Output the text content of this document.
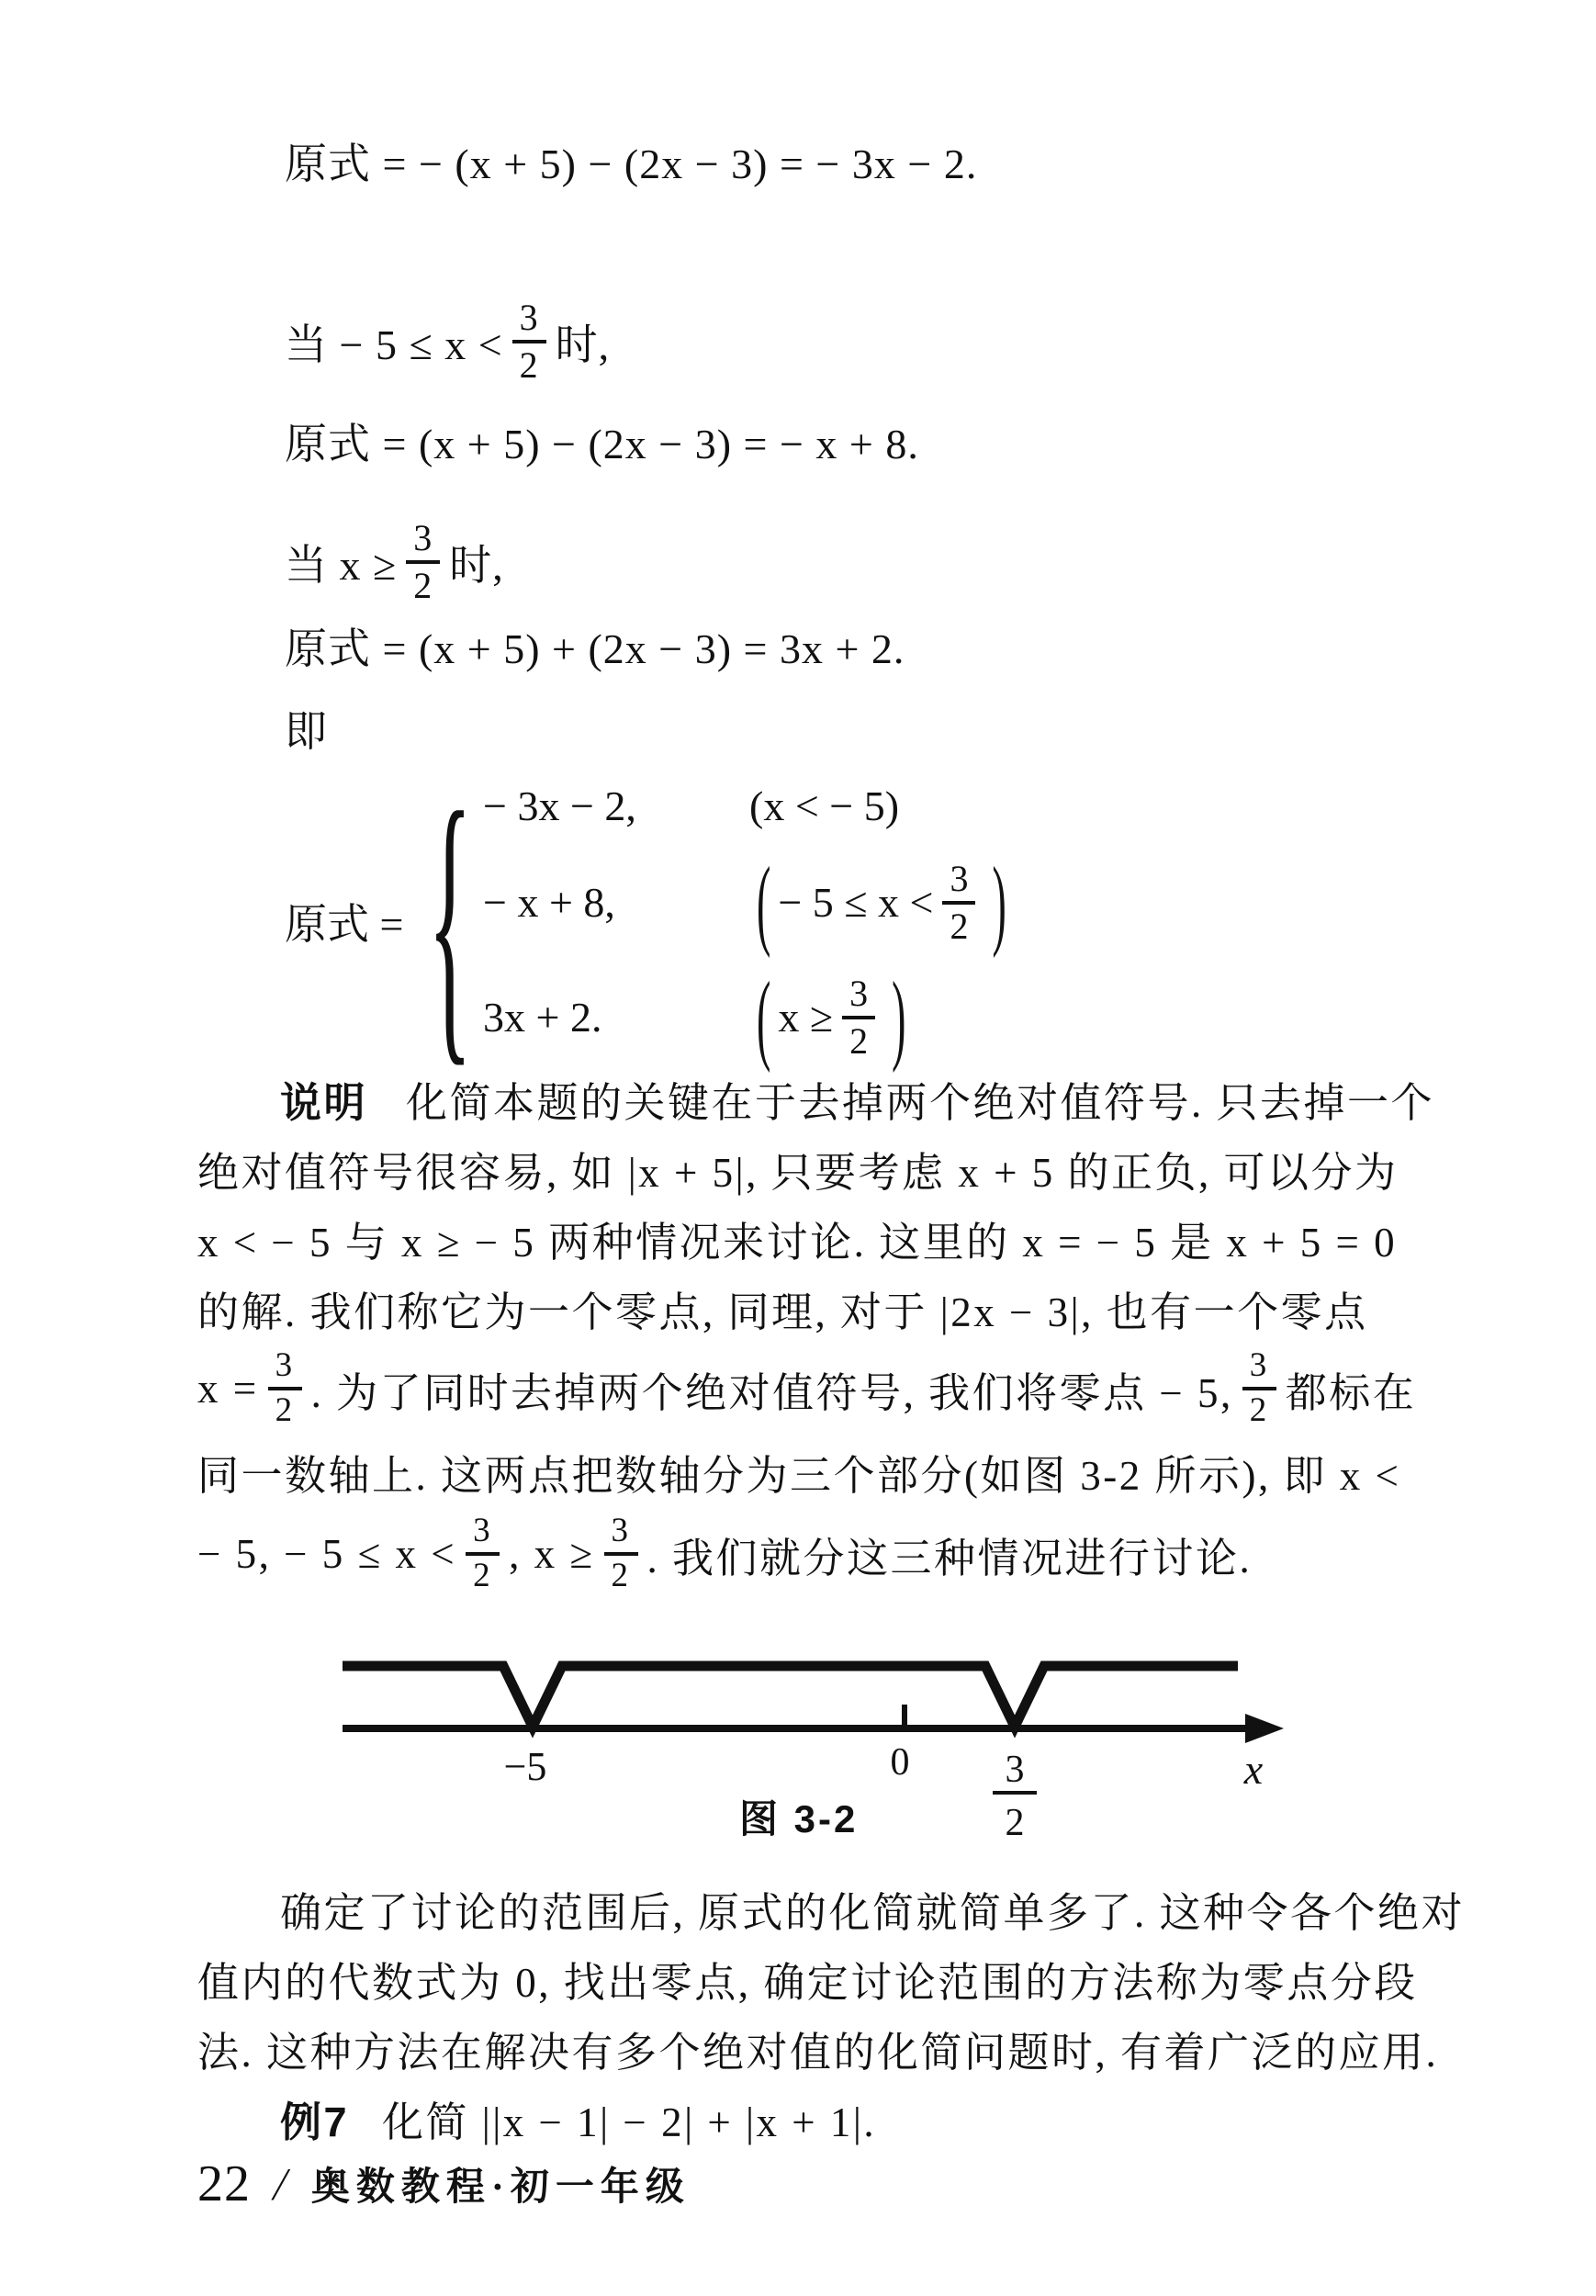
原式 = − (x + 5) − (2x − 3) = − 3x − 2.
当 − $5 \le x < \frac{3}{2}$ 时,
原式 = (x + 5) − (2x − 3) = − x + 8.
当 $x \ge \frac{3}{2}$ 时,
原式 = (x + 5) + (2x − 3) = 3x + 2.
即
原式 = { − 3x − 2,	(x < − 5)
− x + 8,	( − $5 \le x < \frac{3}{2}$ )
3x + 2.	( $x \ge \frac{3}{2}$ )
说明 化简本题的关键在于去掉两个绝对值符号. 只去掉一个
绝对值符号很容易, 如 |x + 5|, 只要考虑 x + 5 的正负, 可以分为
x < − 5 与 x ≥ − 5 两种情况来讨论. 这里的 x = − 5 是 x + 5 = 0
的解. 我们称它为一个零点, 同理, 对于 |2x − 3|, 也有一个零点
$x = \frac{3}{2}$ . 为了同时去掉两个绝对值符号, 我们将零点 − 5, $\frac{3}{2}$ 都标在
同一数轴上. 这两点把数轴分为三个部分(如图 3-2 所示), 即 x <
− 5, − $5 \le x < \frac{3}{2}$ , $x \ge \frac{3}{2}$ . 我们就分这三种情况进行讨论.
−5	0 3
2
x
图 3-2
确定了讨论的范围后, 原式的化简就简单多了. 这种令各个绝对
值内的代数式为 0, 找出零点, 确定讨论范围的方法称为零点分段
法. 这种方法在解决有多个绝对值的化简问题时, 有着广泛的应用.
例7 化简 ||x − 1| − 2| + |x + 1|.
22 / 奥数教程·初一年级
